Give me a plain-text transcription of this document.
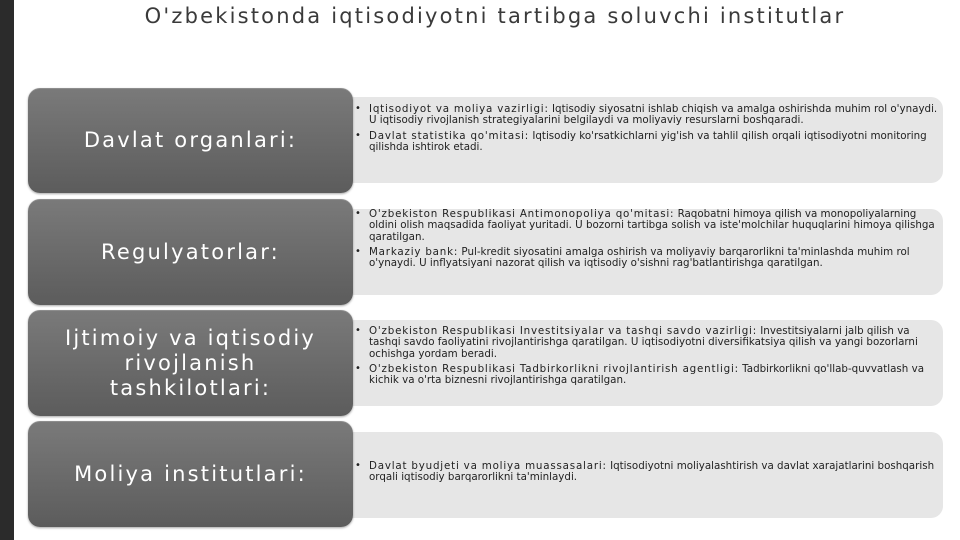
O'zbekistonda iqtisodiyotni tartibga soluvchi institutlar
• Iqtisodiyot va moliya vazirligi: Iqtisodiy siyosatni ishlab chiqish va amalga oshirishda muhim rol o'ynaydi. U iqtisodiy rivojlanish strategiyalarini belgilaydi va moliyaviy resurslarni boshqaradi.
• Davlat statistika qo'mitasi: Iqtisodiy ko'rsatkichlarni yig'ish va tahlil qilish orqali iqtisodiyotni monitoring qilishda ishtirok etadi.
Davlat organlari:
• O'zbekiston Respublikasi Antimonopoliya qo'mitasi: Raqobatni himoya qilish va monopoliyalarning oldini olish maqsadida faoliyat yuritadi. U bozorni tartibga solish va iste'molchilar huquqlarini himoya qilishga qaratilgan.
• Markaziy bank: Pul-kredit siyosatini amalga oshirish va moliyaviy barqarorlikni ta'minlashda muhim rol o'ynaydi. U inflyatsiyani nazorat qilish va iqtisodiy o'sishni rag'batlantirishga qaratilgan.
Regulyatorlar:
• O'zbekiston Respublikasi Investitsiyalar va tashqi savdo vazirligi: Investitsiyalarni jalb qilish va tashqi savdo faoliyatini rivojlantirishga qaratilgan. U iqtisodiyotni diversifikatsiya qilish va yangi bozorlarni ochishga yordam beradi.
• O'zbekiston Respublikasi Tadbirkorlikni rivojlantirish agentligi: Tadbirkorlikni qo'llab-quvvatlash va kichik va o'rta biznesni rivojlantirishga qaratilgan.
Ijtimoiy va iqtisodiy rivojlanish tashkilotlari:
• Davlat byudjeti va moliya muassasalari: Iqtisodiyotni moliyalashtirish va davlat xarajatlarini boshqarish orqali iqtisodiy barqarorlikni ta'minlaydi.
Moliya institutlari:
